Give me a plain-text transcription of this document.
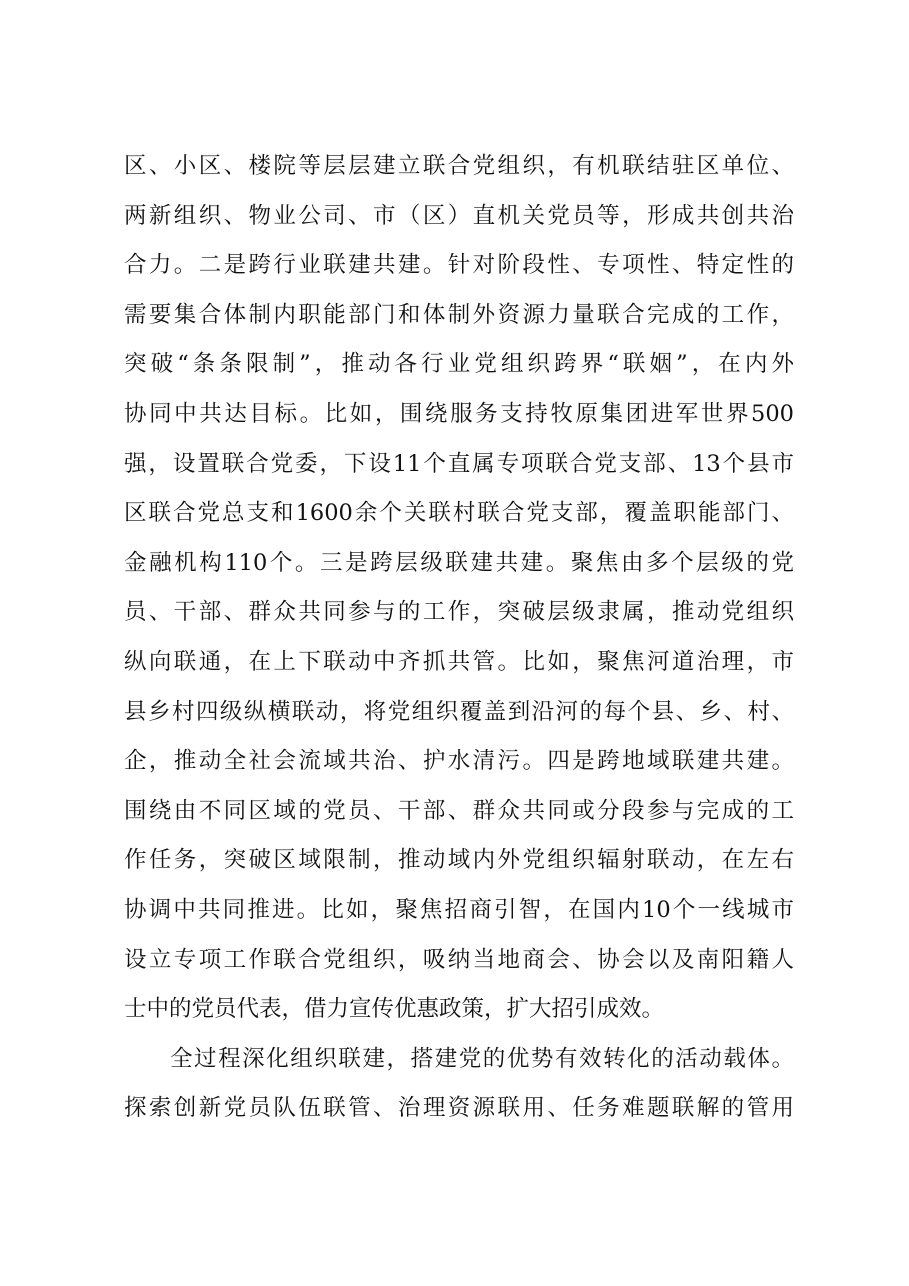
区、小区、楼院等层层建立联合党组织，有机联结驻区单位、
两新组织、物业公司、市（区）直机关党员等，形成共创共治
合力。二是跨行业联建共建。针对阶段性、专项性、特定性的
需要集合体制内职能部门和体制外资源力量联合完成的工作，
突破“条条限制”，推动各行业党组织跨界“联姻”，在内外
协同中共达目标。比如，围绕服务支持牧原集团进军世界500
强，设置联合党委，下设11个直属专项联合党支部、13个县市
区联合党总支和1600余个关联村联合党支部，覆盖职能部门、
金融机构110个。三是跨层级联建共建。聚焦由多个层级的党
员、干部、群众共同参与的工作，突破层级隶属，推动党组织
纵向联通，在上下联动中齐抓共管。比如，聚焦河道治理，市
县乡村四级纵横联动，将党组织覆盖到沿河的每个县、乡、村、
企，推动全社会流域共治、护水清污。四是跨地域联建共建。
围绕由不同区域的党员、干部、群众共同或分段参与完成的工
作任务，突破区域限制，推动域内外党组织辐射联动，在左右
协调中共同推进。比如，聚焦招商引智，在国内10个一线城市
设立专项工作联合党组织，吸纳当地商会、协会以及南阳籍人
士中的党员代表，借力宣传优惠政策，扩大招引成效。
全过程深化组织联建，搭建党的优势有效转化的活动载体。
探索创新党员队伍联管、治理资源联用、任务难题联解的管用
